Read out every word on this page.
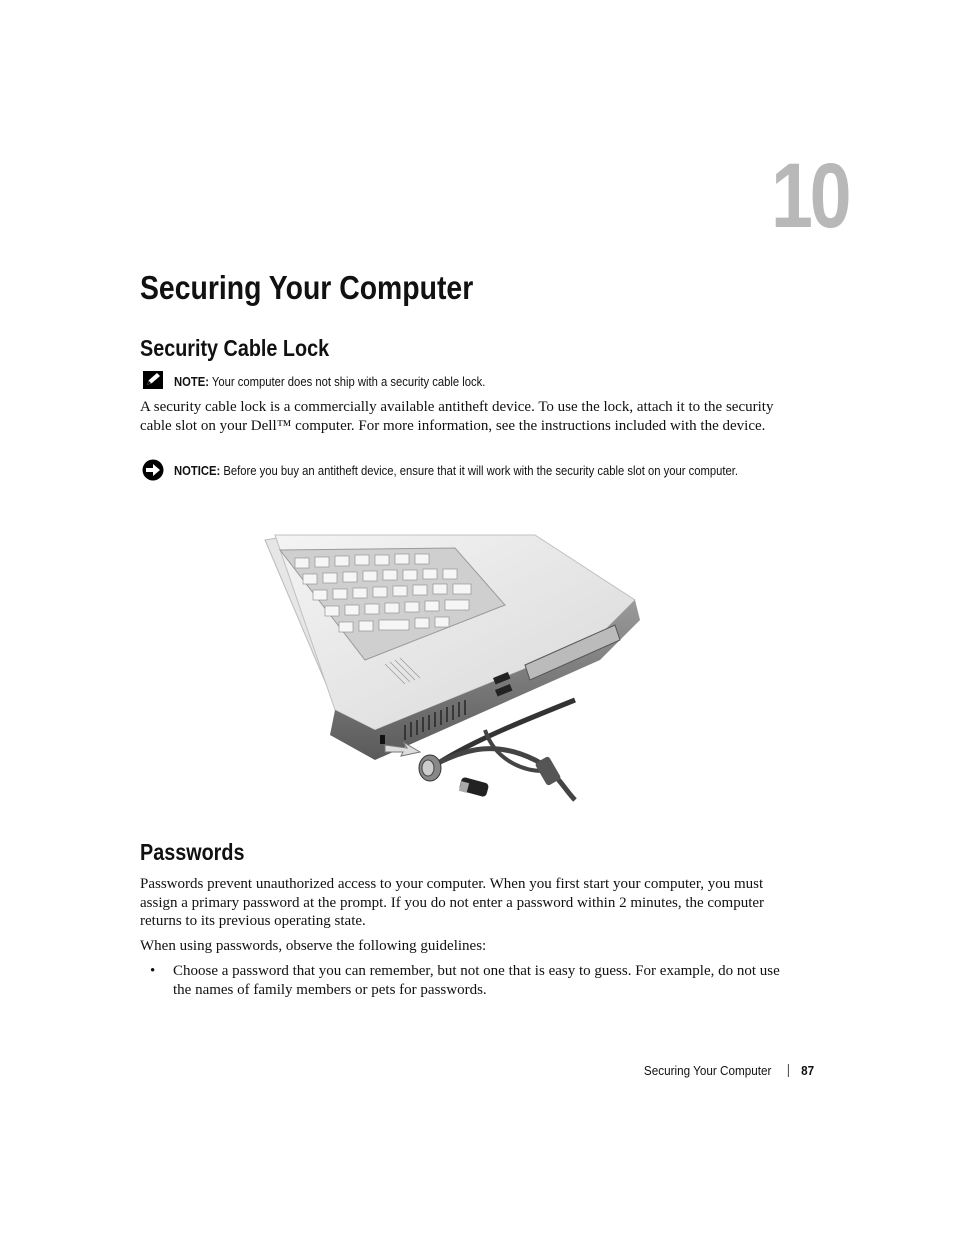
10
Securing Your Computer
Security Cable Lock
NOTE: Your computer does not ship with a security cable lock.
A security cable lock is a commercially available antitheft device. To use the lock, attach it to the security cable slot on your Dell™ computer. For more information, see the instructions included with the device.
NOTICE: Before you buy an antitheft device, ensure that it will work with the security cable slot on your computer.
Passwords
Passwords prevent unauthorized access to your computer. When you first start your computer, you must assign a primary password at the prompt. If you do not enter a password within 2 minutes, the computer returns to its previous operating state.
When using passwords, observe the following guidelines:
• Choose a password that you can remember, but not one that is easy to guess. For example, do not use the names of family members or pets for passwords.
Securing Your Computer 87
